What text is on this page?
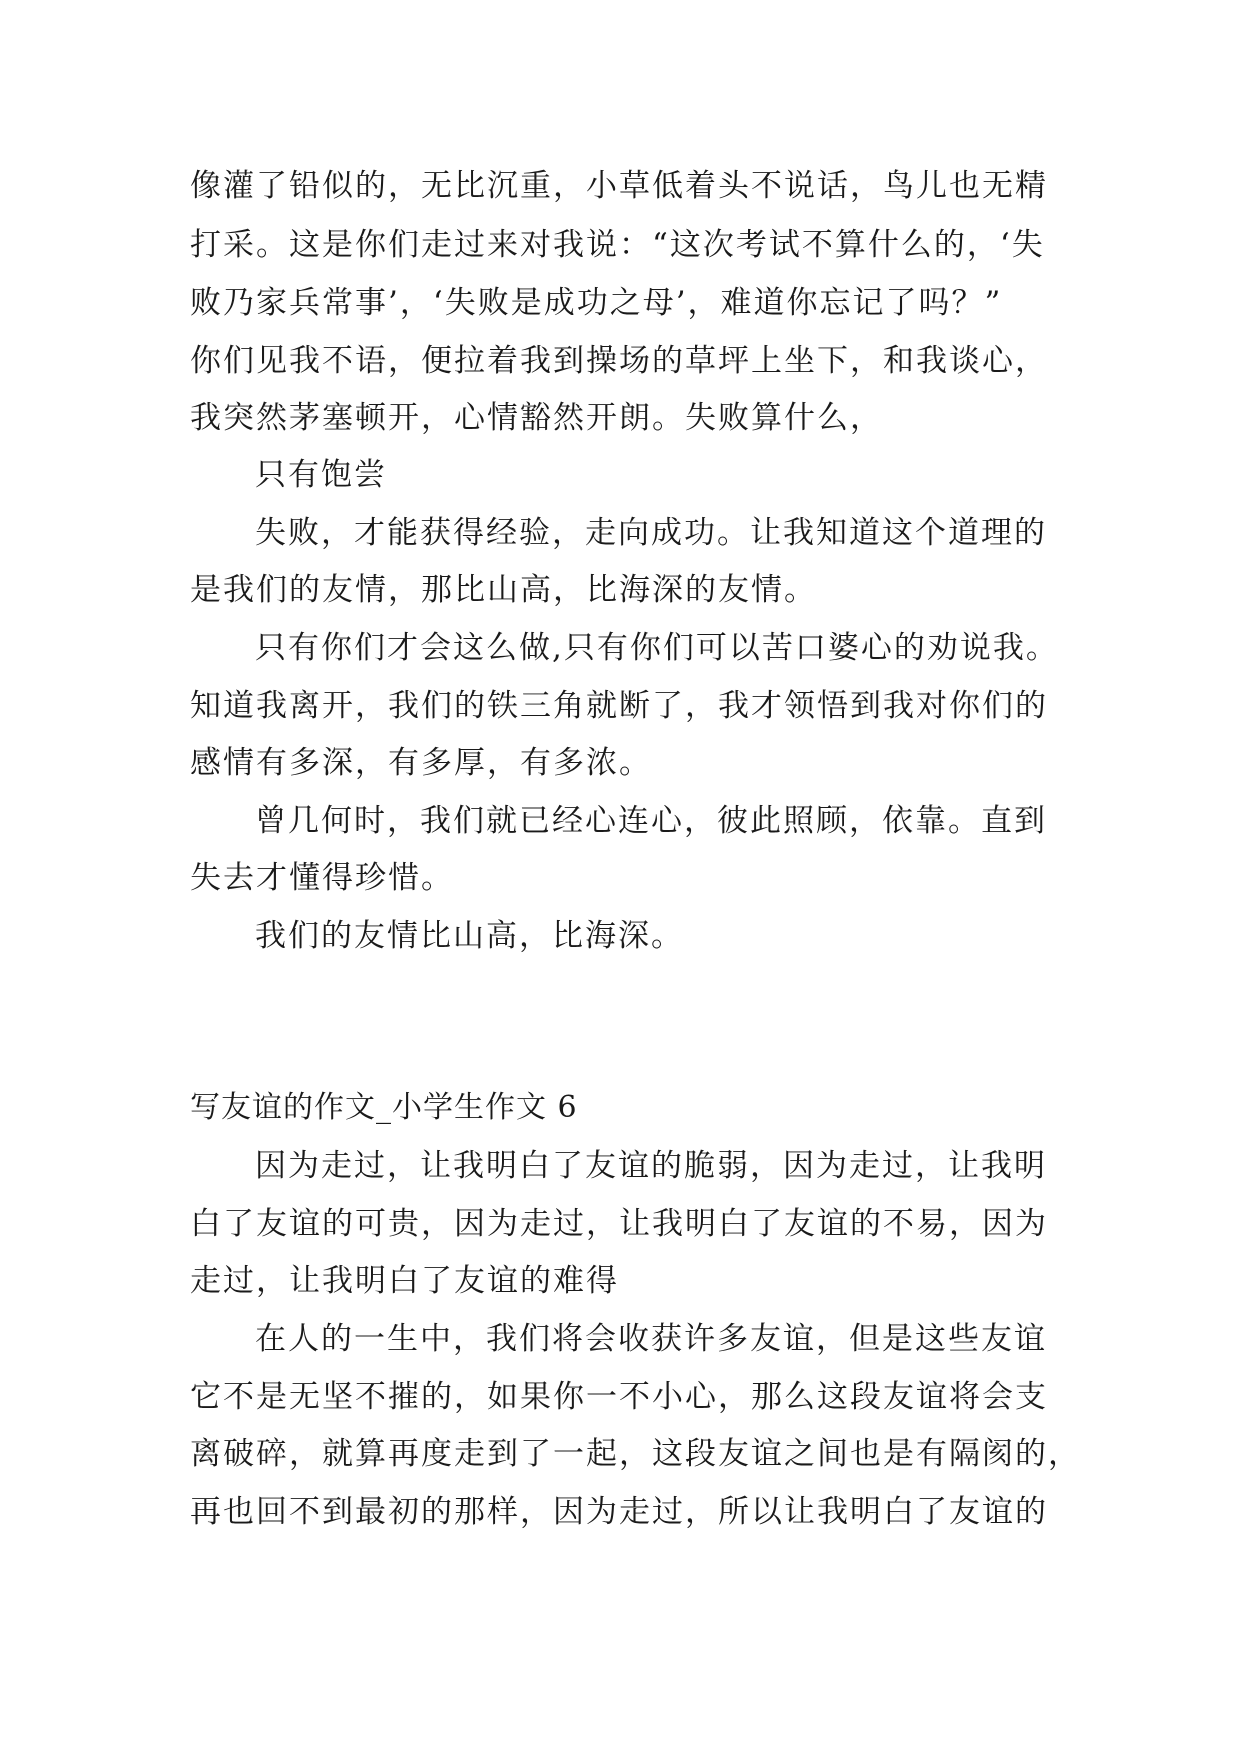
像灌了铅似的，无比沉重，小草低着头不说话，鸟儿也无精
打采。这是你们走过来对我说：“这次考试不算什么的，‘失
败乃家兵常事’，‘失败是成功之母’，难道你忘记了吗？”
你们见我不语，便拉着我到操场的草坪上坐下，和我谈心，
我突然茅塞顿开，心情豁然开朗。失败算什么，
只有饱尝
失败，才能获得经验，走向成功。让我知道这个道理的
是我们的友情，那比山高，比海深的友情。
只有你们才会这么做,只有你们可以苦口婆心的劝说我。
知道我离开，我们的铁三角就断了，我才领悟到我对你们的
感情有多深，有多厚，有多浓。
曾几何时，我们就已经心连心，彼此照顾，依靠。直到
失去才懂得珍惜。
我们的友情比山高，比海深。
写友谊的作文_小学生作文 6
因为走过，让我明白了友谊的脆弱，因为走过，让我明
白了友谊的可贵，因为走过，让我明白了友谊的不易，因为
走过，让我明白了友谊的难得
在人的一生中，我们将会收获许多友谊，但是这些友谊
它不是无坚不摧的，如果你一不小心，那么这段友谊将会支
离破碎，就算再度走到了一起，这段友谊之间也是有隔阂的，
再也回不到最初的那样，因为走过，所以让我明白了友谊的
